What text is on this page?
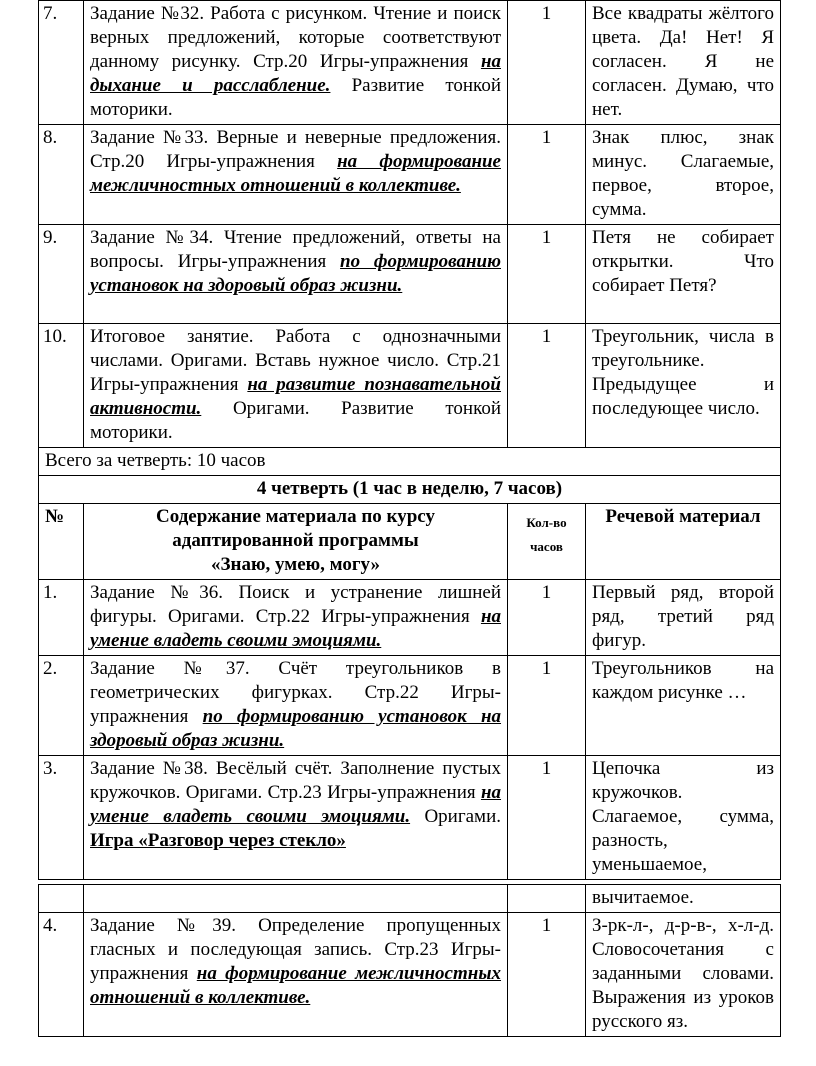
7.	Задание №32. Работа с рисунком. Чтение и поиск верных предложений, которые соответствуют данному рисунку. Стр.20 Игры-упражнения на дыхание и расслабление. Развитие тонкой моторики.	1	Все квадраты жёлтого цвета. Да! Нет! Я согласен. Я не согласен. Думаю, что нет.
8.	Задание №33. Верные и неверные предложения. Стр.20 Игры-упражнения на формирование межличностных отношений в коллективе.	1	Знак плюс, знак минус. Слагаемые, первое, второе, сумма.
9.	Задание №34. Чтение предложений, ответы на вопросы. Игры-упражнения по формированию установок на здоровый образ жизни.	1	Петя не собирает открытки. Что собирает Петя?
10.	Итоговое занятие. Работа с однозначными числами. Оригами. Вставь нужное число. Стр.21 Игры-упражнения на развитие познавательной активности. Оригами. Развитие тонкой моторики.	1	Треугольник, числа в треугольнике. Предыдущее и последующее число.
Всего за четверть: 10 часов			
4 четверть (1 час в неделю, 7 часов)			
№	Содержание материала по курсу адаптированной программы «Знаю, умею, могу»	Кол-во часов	Речевой материал
1.	Задание №36. Поиск и устранение лишней фигуры. Оригами. Стр.22 Игры-упражнения на умение владеть своими эмоциями.	1	Первый ряд, второй ряд, третий ряд фигур.
2.	Задание №37. Счёт треугольников в геометрических фигурках. Стр.22 Игры-упражнения по формированию установок на здоровый образ жизни.	1	Треугольников на каждом рисунке …
3.	Задание №38. Весёлый счёт. Заполнение пустых кружочков. Оригами. Стр.23 Игры-упражнения на умение владеть своими эмоциями. Оригами. Игра «Разговор через стекло»	1	Цепочка из кружочков. Слагаемое, сумма, разность, уменьшаемое,
			вычитаемое.
4.	Задание №39. Определение пропущенных гласных и последующая запись. Стр.23 Игры-упражнения на формирование межличностных отношений в коллективе.	1	З-рк-л-, д-р-в-, х-л-д. Словосочетания с заданными словами. Выражения из уроков русского яз.
